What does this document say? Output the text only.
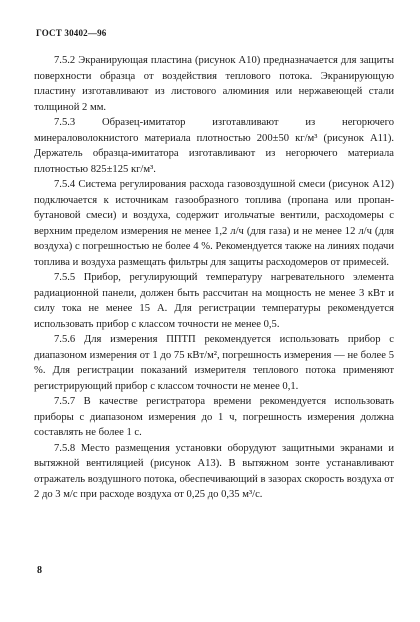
ГОСТ 30402—96

7.5.2 Экранирующая пластина (рисунок А10) предназначается для защиты поверхности образца от воздействия теплового потока. Экранирующую пластину изготавливают из листового алюминия или нержавеющей стали толщиной 2 мм.

7.5.3 Образец-имитатор изготавливают из негорючего минераловолокнистого материала плотностью 200±50 кг/м³ (рисунок А11). Держатель образца-имитатора изготавливают из негорючего материала плотностью 825±125 кг/м³.

7.5.4 Система регулирования расхода газовоздушной смеси (рисунок А12) подключается к источникам газообразного топлива (пропана или пропан-бутановой смеси) и воздуха, содержит игольчатые вентили, расходомеры с верхним пределом измерения не менее 1,2 л/ч (для газа) и не менее 12 л/ч (для воздуха) с погрешностью не более 4 %. Рекомендуется также на линиях подачи топлива и воздуха размещать фильтры для защиты расходомеров от примесей.

7.5.5 Прибор, регулирующий температуру нагревательного элемента радиационной панели, должен быть рассчитан на мощность не менее 3 кВт и силу тока не менее 15 А. Для регистрации температуры рекомендуется использовать прибор с классом точности не менее 0,5.

7.5.6 Для измерения ППТП рекомендуется использовать прибор с диапазоном измерения от 1 до 75 кВт/м², погрешность измерения — не более 5 %. Для регистрации показаний измерителя теплового потока применяют регистрирующий прибор с классом точности не менее 0,1.

7.5.7 В качестве регистратора времени рекомендуется использовать приборы с диапазоном измерения до 1 ч, погрешность измерения должна составлять не более 1 с.

7.5.8 Место размещения установки оборудуют защитными экранами и вытяжной вентиляцией (рисунок А13). В вытяжном зонте устанавливают отражатель воздушного потока, обеспечивающий в зазорах скорость воздуха от 2 до 3 м/с при расходе воздуха от 0,25 до 0,35 м³/с.

8
